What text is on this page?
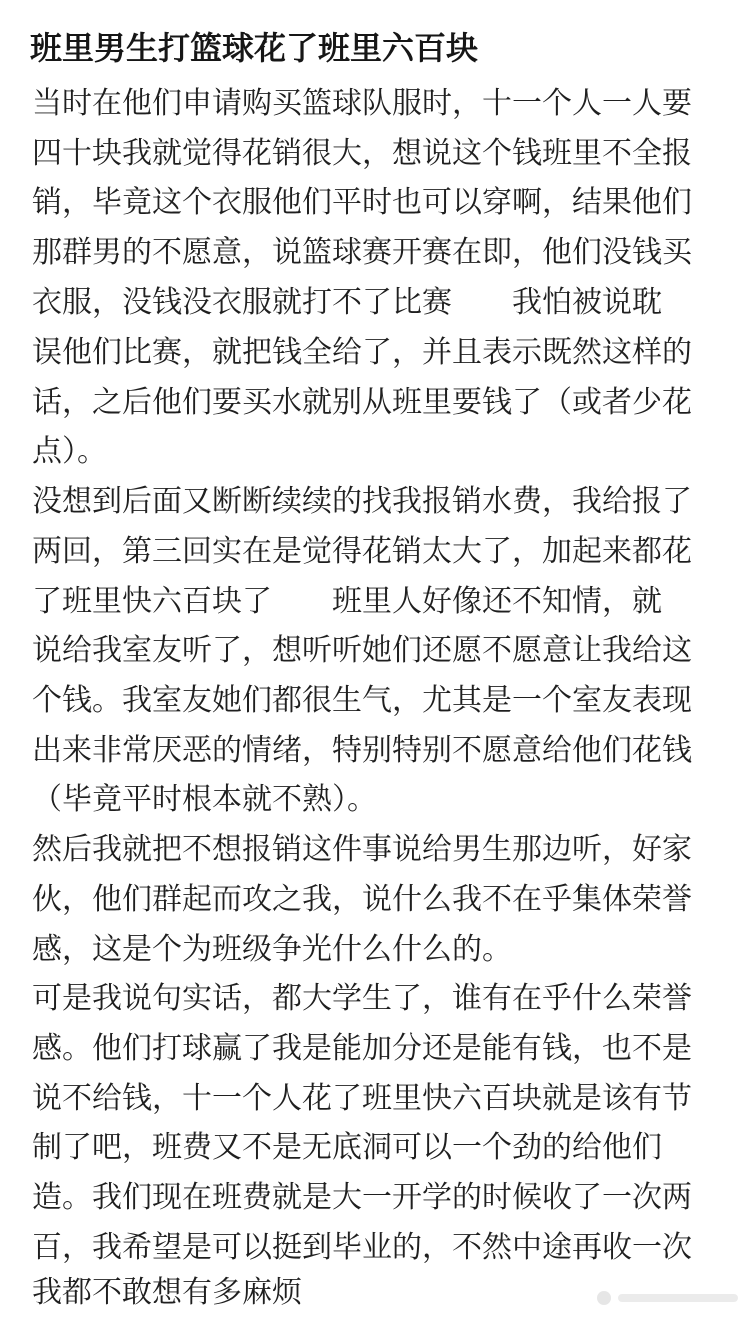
班里男生打篮球花了班里六百块
当时在他们申请购买篮球队服时，十一个人一人要
四十块我就觉得花销很大，想说这个钱班里不全报
销，毕竟这个衣服他们平时也可以穿啊，结果他们
那群男的不愿意，说篮球赛开赛在即，他们没钱买
衣服，没钱没衣服就打不了比赛　　我怕被说耽
误他们比赛，就把钱全给了，并且表示既然这样的
话，之后他们要买水就别从班里要钱了（或者少花
点）。
没想到后面又断断续续的找我报销水费，我给报了
两回，第三回实在是觉得花销太大了，加起来都花
了班里快六百块了　　班里人好像还不知情，就
说给我室友听了，想听听她们还愿不愿意让我给这
个钱。我室友她们都很生气，尤其是一个室友表现
出来非常厌恶的情绪，特别特别不愿意给他们花钱
（毕竟平时根本就不熟）。
然后我就把不想报销这件事说给男生那边听，好家
伙，他们群起而攻之我，说什么我不在乎集体荣誉
感，这是个为班级争光什么什么的。
可是我说句实话，都大学生了，谁有在乎什么荣誉
感。他们打球赢了我是能加分还是能有钱，也不是
说不给钱，十一个人花了班里快六百块就是该有节
制了吧，班费又不是无底洞可以一个劲的给他们
造。我们现在班费就是大一开学的时候收了一次两
百，我希望是可以挺到毕业的，不然中途再收一次
我都不敢想有多麻烦
